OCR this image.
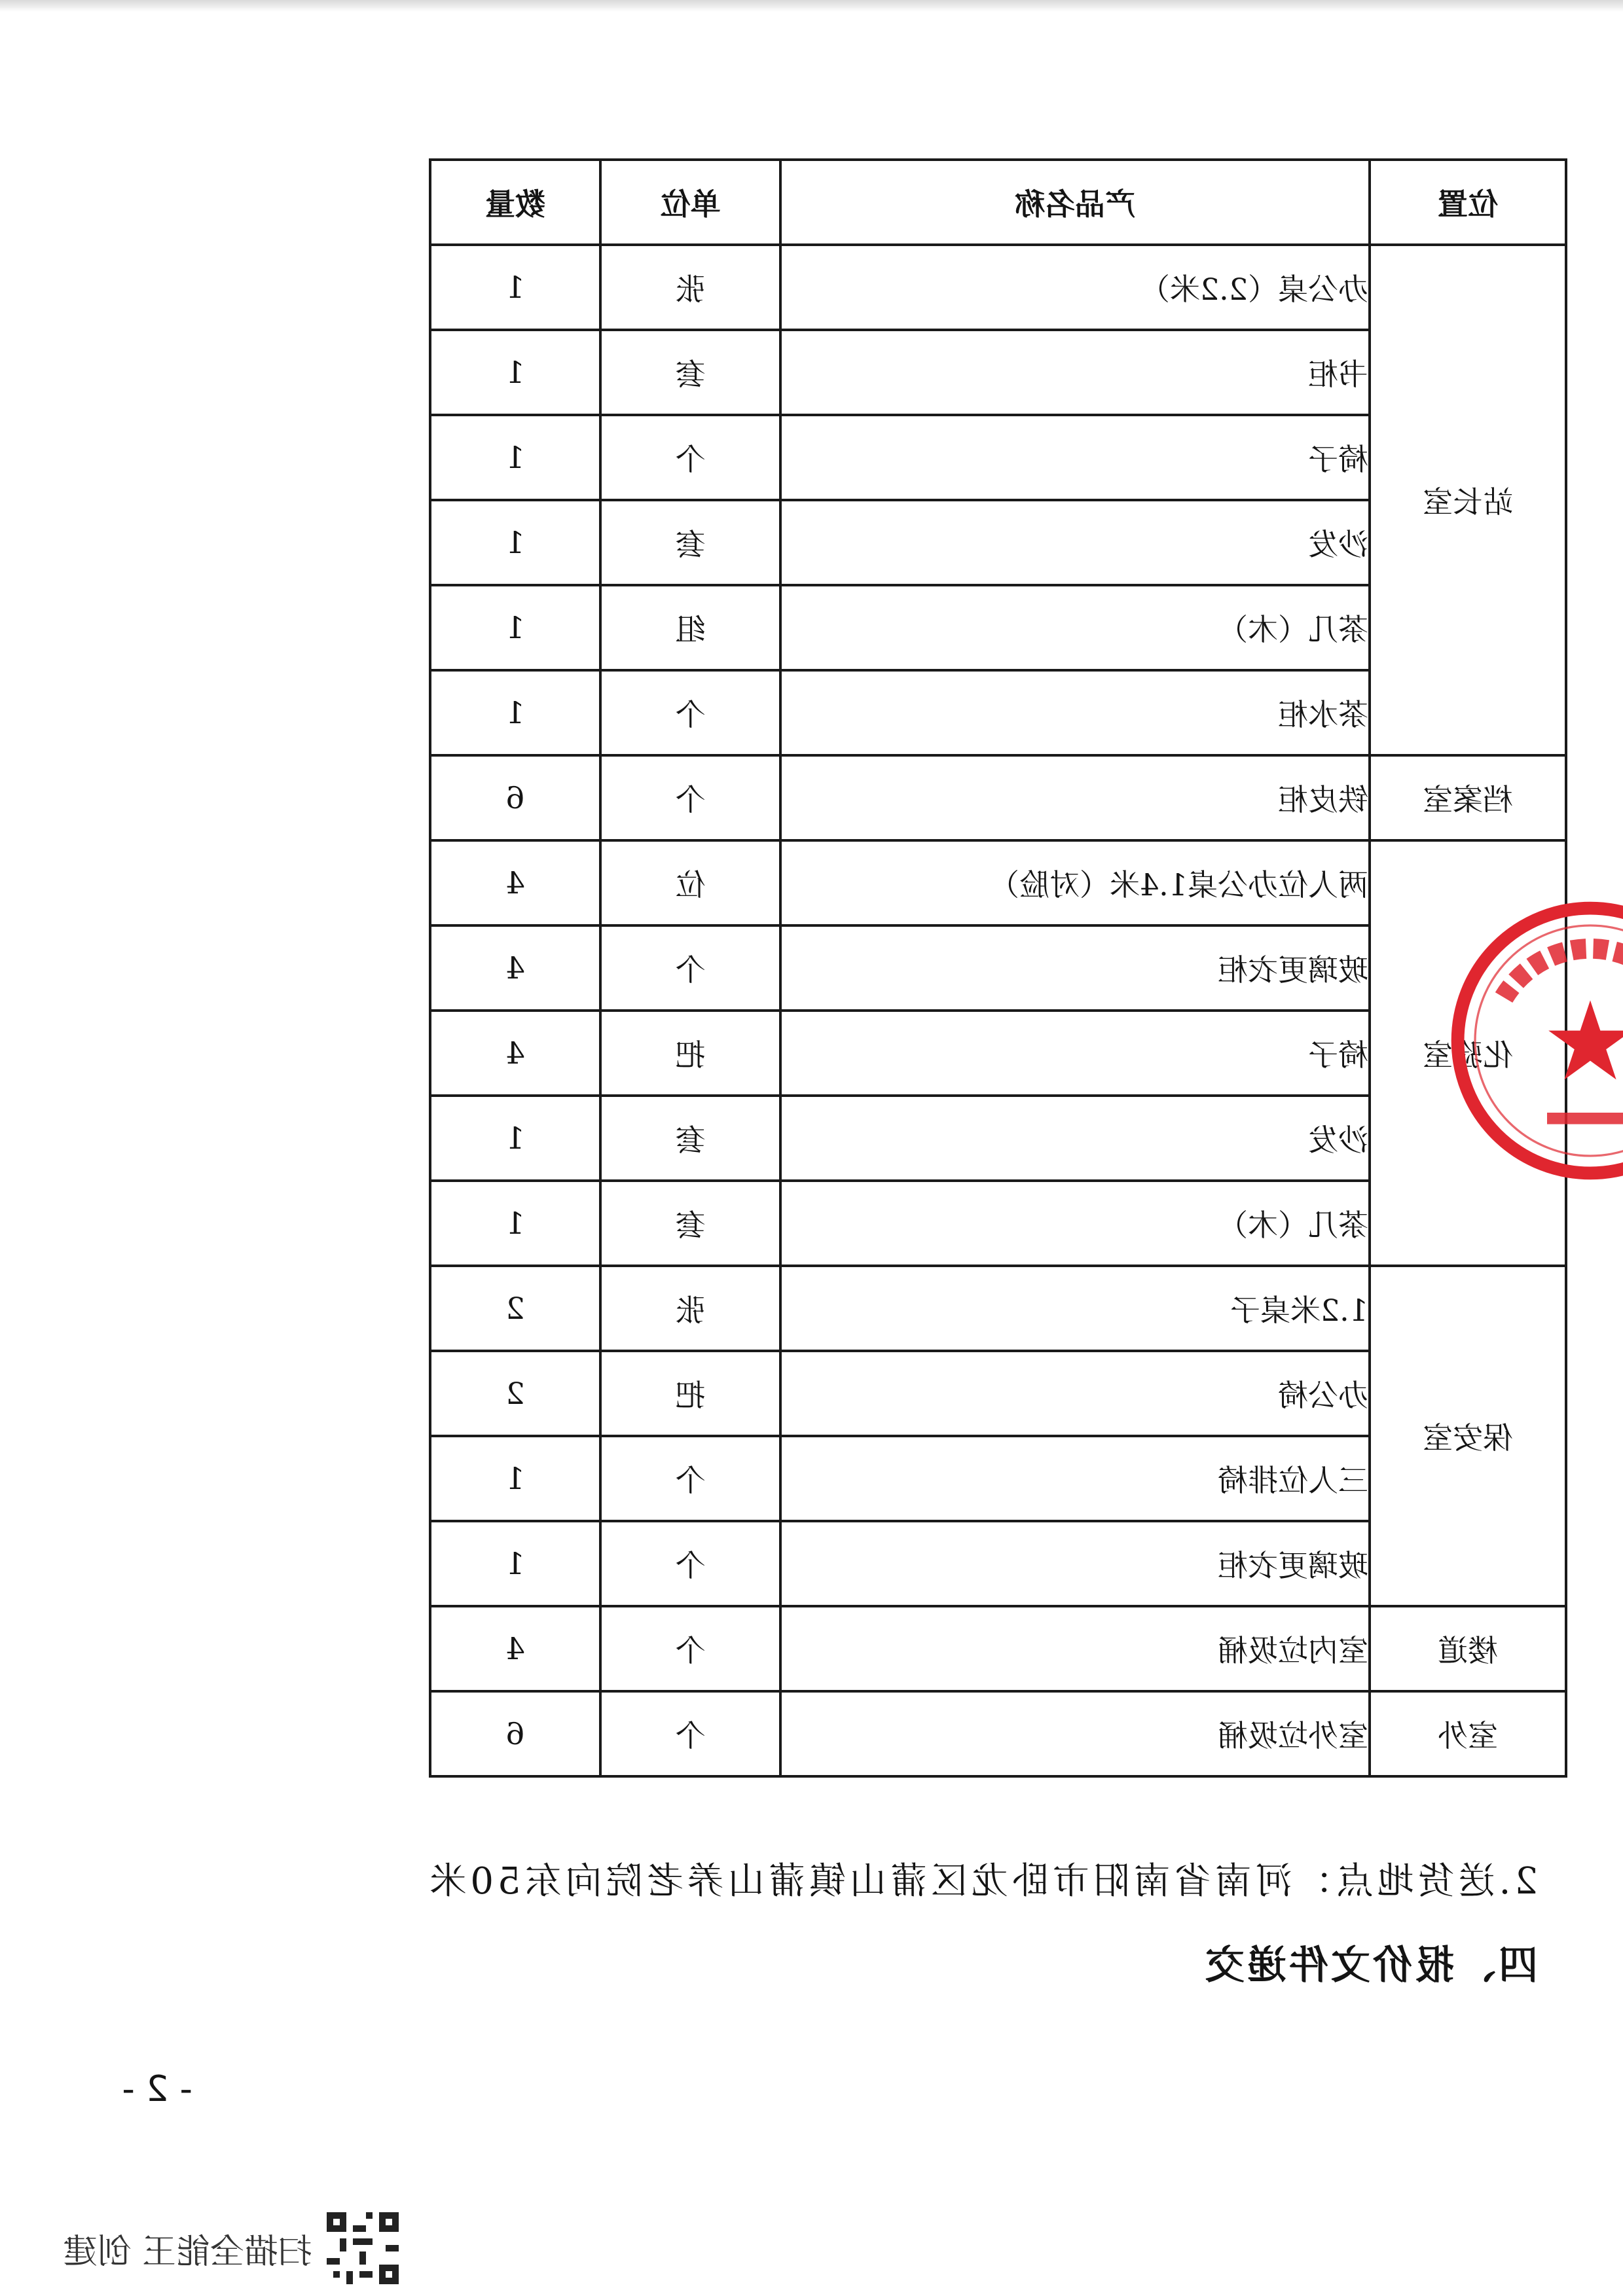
位置	产品名称	单位	数量
站长室	办公桌（2.2米）	张	1
	书柜	套	1
	椅子	个	1
	沙发	套	1
	茶几（木）	组	1
	茶水柜	个	1
档案室	铁皮柜	个	6
化验室	两人位办公桌1.4米（对脸）	位	4
	玻璃更衣柜	个	4
	椅子	把	4
	沙发	套	1
	茶几（木）	套	1
保安室	1.2米桌子	张	2
	办公椅	把	2
	三人位排椅	个	1
	玻璃更衣柜	个	1
楼道	室内垃圾桶	个	4
室外	室外垃圾桶	个	6
2.送货地点：河南省南阳市卧龙区蒲山镇蒲山养老院向东50米
四、报价文件递交
- 2 -
扫描全能王 创建
